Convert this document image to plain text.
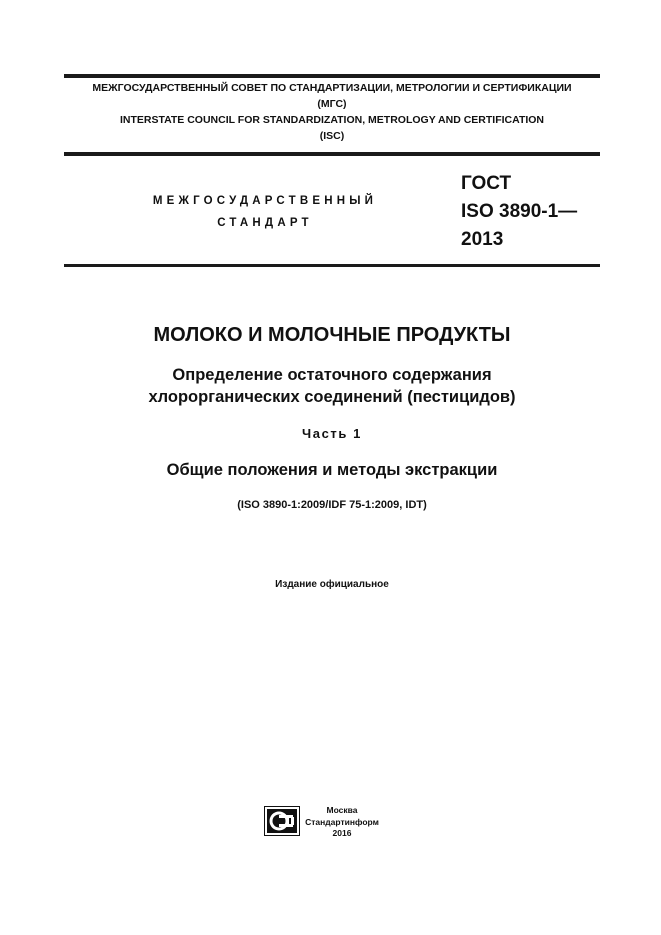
МЕЖГОСУДАРСТВЕННЫЙ СОВЕТ ПО СТАНДАРТИЗАЦИИ, МЕТРОЛОГИИ И СЕРТИФИКАЦИИ
(МГС)
INTERSTATE COUNCIL FOR STANDARDIZATION, METROLOGY AND CERTIFICATION
(ISC)
МЕЖГОСУДАРСТВЕННЫЙ
СТАНДАРТ
ГОСТ
ISO 3890-1—
2013
МОЛОКО И МОЛОЧНЫЕ ПРОДУКТЫ
Определение остаточного содержания
хлорорганических соединений (пестицидов)
Часть 1
Общие положения и методы экстракции
(ISO 3890-1:2009/IDF 75-1:2009, IDT)
Издание официальное
Москва
Стандартинформ
2016
